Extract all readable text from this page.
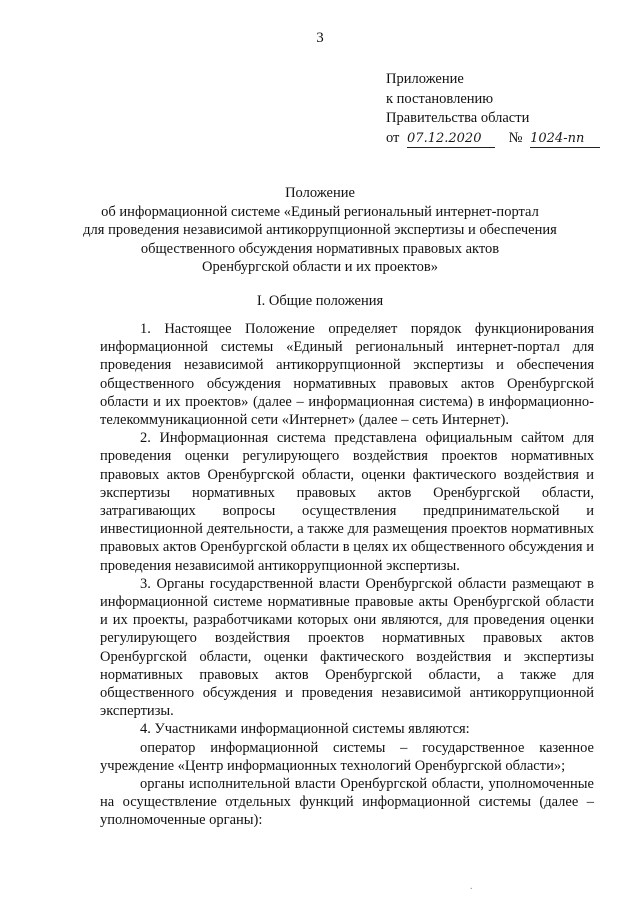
3
Приложение
к постановлению
Правительства области
от 07.12.2020 № 1024-пп
Положение
об информационной системе «Единый региональный интернет-портал
для проведения независимой антикоррупционной экспертизы и обеспечения
общественного обсуждения нормативных правовых актов
Оренбургской области и их проектов»
I. Общие положения

1. Настоящее Положение определяет порядок функционирования информационной системы «Единый региональный интернет-портал для проведения независимой антикоррупционной экспертизы и обеспечения общественного обсуждения нормативных правовых актов Оренбургской области и их проектов» (далее – информационная система) в информационно-телекоммуникационной сети «Интернет» (далее – сеть Интернет).

2. Информационная система представлена официальным сайтом для проведения оценки регулирующего воздействия проектов нормативных правовых актов Оренбургской области, оценки фактического воздействия и экспертизы нормативных правовых актов Оренбургской области, затрагивающих вопросы осуществления предпринимательской и инвестиционной деятельности, а также для размещения проектов нормативных правовых актов Оренбургской области в целях их общественного обсуждения и проведения независимой антикоррупционной экспертизы.

3. Органы государственной власти Оренбургской области размещают в информационной системе нормативные правовые акты Оренбургской области и их проекты, разработчиками которых они являются, для проведения оценки регулирующего воздействия проектов нормативных правовых актов Оренбургской области, оценки фактического воздействия и экспертизы нормативных правовых актов Оренбургской области, а также для общественного обсуждения и проведения независимой антикоррупционной экспертизы.

4. Участниками информационной системы являются:

оператор информационной системы – государственное казенное учреждение «Центр информационных технологий Оренбургской области»;

органы исполнительной власти Оренбургской области, уполномоченные на осуществление отдельных функций информационной системы (далее – уполномоченные органы):

.
